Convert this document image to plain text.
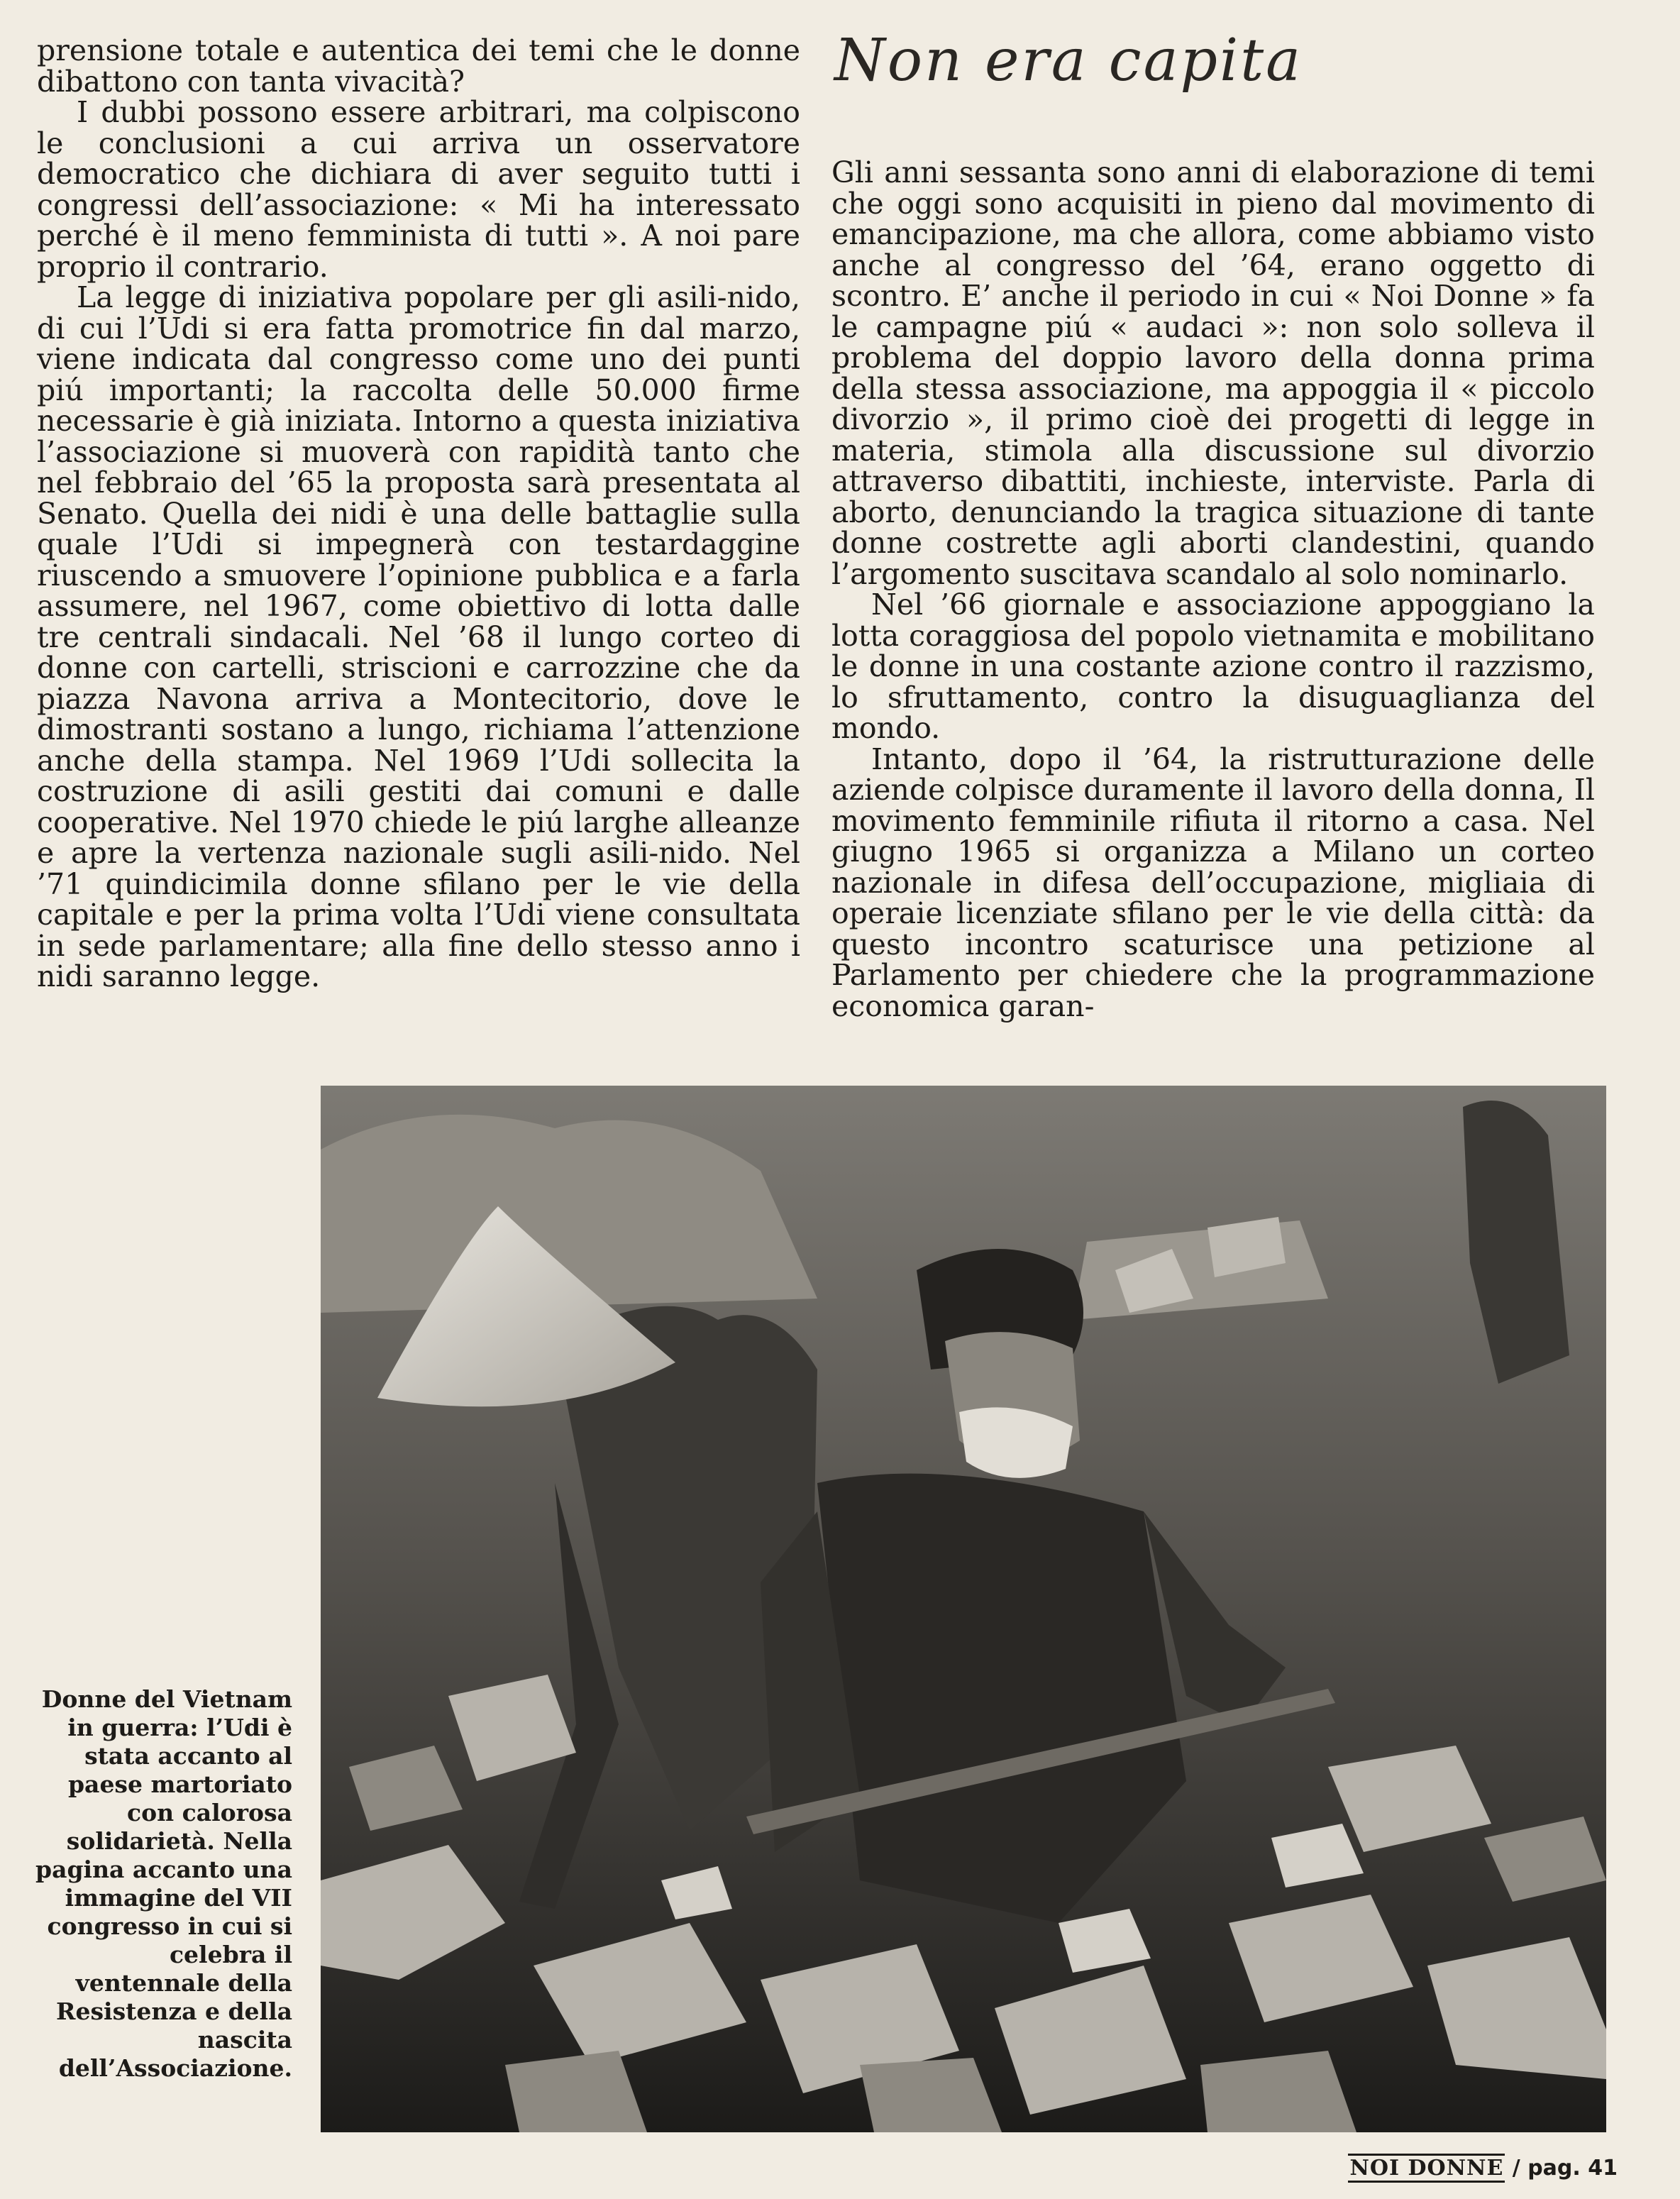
prensione totale e autentica dei temi che le donne dibattono con tanta vivacità?

I dubbi possono essere arbitrari, ma colpiscono le conclusioni a cui arriva un osservatore democratico che dichiara di aver seguito tutti i congressi dell’associazione: « Mi ha interessato perché è il meno femminista di tutti ». A noi pare proprio il contrario.

La legge di iniziativa popolare per gli asili-nido, di cui l’Udi si era fatta promotrice fin dal marzo, viene indicata dal congresso come uno dei punti piú importanti; la raccolta delle 50.000 firme necessarie è già iniziata. Intorno a questa iniziativa l’associazione si muoverà con rapidità tanto che nel febbraio del ’65 la proposta sarà presentata al Senato. Quella dei nidi è una delle battaglie sulla quale l’Udi si impegnerà con testardaggine riuscendo a smuovere l’opinione pubblica e a farla assumere, nel 1967, come obiettivo di lotta dalle tre centrali sindacali. Nel ’68 il lungo corteo di donne con cartelli, striscioni e carrozzine che da piazza Navona arriva a Montecitorio, dove le dimostranti sostano a lungo, richiama l’attenzione anche della stampa. Nel 1969 l’Udi sollecita la costruzione di asili gestiti dai comuni e dalle cooperative. Nel 1970 chiede le piú larghe alleanze e apre la vertenza nazionale sugli asili-nido. Nel ’71 quindicimila donne sfilano per le vie della capitale e per la prima volta l’Udi viene consultata in sede parlamentare; alla fine dello stesso anno i nidi saranno legge.

Non era capita

Gli anni sessanta sono anni di elaborazione di temi che oggi sono acquisiti in pieno dal movimento di emancipazione, ma che allora, come abbiamo visto anche al congresso del ’64, erano oggetto di scontro. E’ anche il periodo in cui « Noi Donne » fa le campagne piú « audaci »: non solo solleva il problema del doppio lavoro della donna prima della stessa associazione, ma appoggia il « piccolo divorzio », il primo cioè dei progetti di legge in materia, stimola alla discussione sul divorzio attraverso dibattiti, inchieste, interviste. Parla di aborto, denunciando la tragica situazione di tante donne costrette agli aborti clandestini, quando l’argomento suscitava scandalo al solo nominarlo.

Nel ’66 giornale e associazione appoggiano la lotta coraggiosa del popolo vietnamita e mobilitano le donne in una costante azione contro il razzismo, lo sfruttamento, contro la disuguaglianza del mondo.

Intanto, dopo il ’64, la ristrutturazione delle aziende colpisce duramente il lavoro della donna, Il movimento femminile rifiuta il ritorno a casa. Nel giugno 1965 si organizza a Milano un corteo nazionale in difesa dell’occupazione, migliaia di operaie licenziate sfilano per le vie della città: da questo incontro scaturisce una petizione al Parlamento per chiedere che la programmazione economica garan-

Donne del Vietnam in guerra: l’Udi è stata accanto al paese martoriato con calorosa solidarietà. Nella pagina accanto una immagine del VII congresso in cui si celebra il ventennale della Resistenza e della nascita dell’Associazione.
NOI DONNE / pag. 41
